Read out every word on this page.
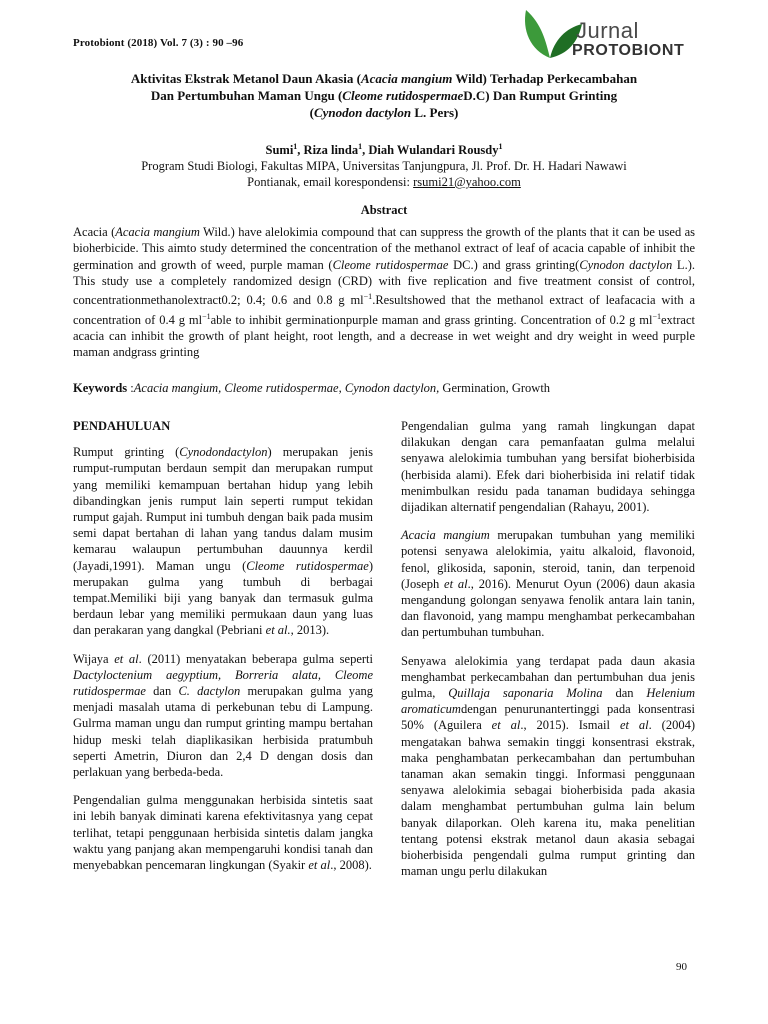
Protobiont (2018) Vol. 7 (3) : 90 –96	Jurnal
PROTOBIONT
Aktivitas Ekstrak Metanol Daun Akasia (Acacia mangium Wild) Terhadap Perkecambahan
Dan Pertumbuhan Maman Ungu (Cleome rutidospermaeD.C) Dan Rumput Grinting
(Cynodon dactylon L. Pers)
Sumi$^1$, Riza linda$^1$, Diah Wulandari Rousdy$^1$
Program Studi Biologi, Fakultas MIPA, Universitas Tanjungpura, Jl. Prof. Dr. H. Hadari Nawawi
Pontianak, email korespondensi: rsumi21@yahoo.com
Abstract
Acacia (Acacia mangium Wild.) have alelokimia compound that can suppress the growth of the plants that it can be used as bioherbicide. This aimto study determined the concentration of the methanol extract of leaf of acacia capable of inhibit the germination and growth of weed, purple maman (Cleome rutidospermae DC.) and grass grinting(Cynodon dactylon L.). This study use a completely randomized design (CRD) with five replication and five treatment consist of control, concentrationmethanolextract0.2; 0.4; 0.6 and 0.8 g $ml^{-1}.Resultshowed$ that the methanol extract of leafacacia with a concentration of 0.4 g $ml^{-1}able$ to inhibit germinationpurple maman and grass grinting. Concentration of 0.2 g $ml^{-1}extract$ acacia can inhibit the growth of plant height, root length, and a decrease in wet weight and dry weight in weed purple maman andgrass grinting
Keywords :Acacia mangium, Cleome rutidospermae, Cynodon dactylon, Germination, Growth
PENDAHULUAN

Rumput grinting (Cynodondactylon) merupakan jenis rumput-rumputan berdaun sempit dan merupakan rumput yang memiliki kemampuan bertahan hidup yang lebih dibandingkan jenis rumput lain seperti rumput tekidan rumput gajah. Rumput ini tumbuh dengan baik pada musim semi dapat bertahan di lahan yang tandus dalam musim kemarau walaupun pertumbuhan dauunnya kerdil (Jayadi,1991). Maman ungu (Cleome rutidospermae) merupakan gulma yang tumbuh di berbagai tempat.Memiliki biji yang banyak dan termasuk gulma berdaun lebar yang memiliki permukaan daun yang luas dan perakaran yang dangkal (Pebriani et al., 2013).

Wijaya et al. (2011) menyatakan beberapa gulma seperti Dactyloctenium aegyptium, Borreria alata, Cleome rutidospermae dan C. dactylon merupakan gulma yang menjadi masalah utama di perkebunan tebu di Lampung. Gulrma maman ungu dan rumput grinting mampu bertahan hidup meski telah diaplikasikan herbisida pratumbuh seperti Ametrin, Diuron dan 2,4 D dengan dosis dan perlakuan yang berbeda-beda.

Pengendalian gulma menggunakan herbisida sintetis saat ini lebih banyak diminati karena efektivitasnya yang cepat terlihat, tetapi penggunaan herbisida sintetis dalam jangka waktu yang panjang akan mempengaruhi kondisi tanah dan menyebabkan pencemaran lingkungan (Syakir et al., 2008).

Pengendalian gulma yang ramah lingkungan dapat dilakukan dengan cara pemanfaatan gulma melalui senyawa alelokimia tumbuhan yang bersifat bioherbisida (herbisida alami). Efek dari bioherbisida ini relatif tidak menimbulkan residu pada tanaman budidaya sehingga dijadikan alternatif pengendalian (Rahayu, 2001).

Acacia mangium merupakan tumbuhan yang memiliki potensi senyawa alelokimia, yaitu alkaloid, flavonoid, fenol, glikosida, saponin, steroid, tanin, dan terpenoid (Joseph et al., 2016). Menurut Oyun (2006) daun akasia mengandung golongan senyawa fenolik antara lain tanin, dan flavonoid, yang mampu menghambat perkecambahan dan pertumbuhan tumbuhan.

Senyawa alelokimia yang terdapat pada daun akasia menghambat perkecambahan dan pertumbuhan dua jenis gulma, Quillaja saponaria Molina dan Helenium aromaticumdengan penurunantertinggi pada konsentrasi 50% (Aguilera et al., 2015). Ismail et al. (2004) mengatakan bahwa semakin tinggi konsentrasi ekstrak, maka penghambatan perkecambahan dan pertumbuhan tanaman akan semakin tinggi. Informasi penggunaan senyawa alelokimia sebagai bioherbisida pada akasia dalam menghambat pertumbuhan gulma lain belum banyak dilaporkan. Oleh karena itu, maka penelitian tentang potensi ekstrak metanol daun akasia sebagai bioherbisida pengendali gulma rumput grinting dan maman ungu perlu dilakukan

90
